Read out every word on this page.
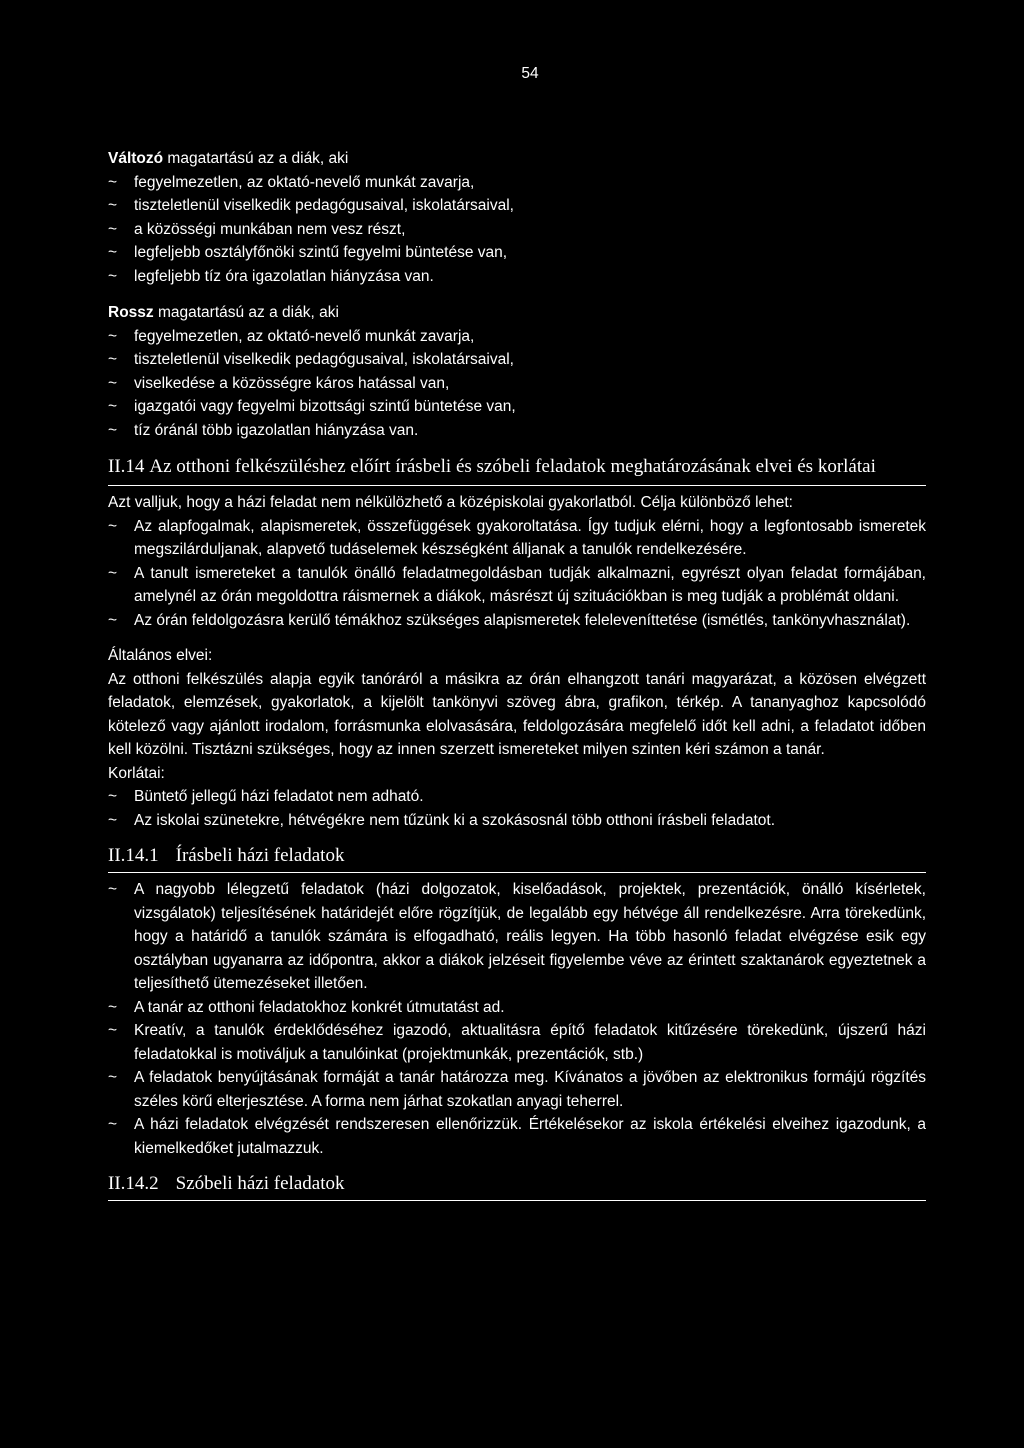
54

Változó magatartású az a diák, aki

~ fegyelmezetlen, az oktató-nevelő munkát zavarja,
~ tiszteletlenül viselkedik pedagógusaival, iskolatársaival,
~ a közösségi munkában nem vesz részt,
~ legfeljebb osztályfőnöki szintű fegyelmi büntetése van,
~ legfeljebb tíz óra igazolatlan hiányzása van.

Rossz magatartású az a diák, aki

~ fegyelmezetlen, az oktató-nevelő munkát zavarja,
~ tiszteletlenül viselkedik pedagógusaival, iskolatársaival,
~ viselkedése a közösségre káros hatással van,
~ igazgatói vagy fegyelmi bizottsági szintű büntetése van,
~ tíz óránál több igazolatlan hiányzása van.
II.14 Az otthoni felkészüléshez előírt írásbeli és szóbeli feladatok meghatározásának elvei és korlátai

Azt valljuk, hogy a házi feladat nem nélkülözhető a középiskolai gyakorlatból. Célja különböző lehet:

~ Az alapfogalmak, alapismeretek, összefüggések gyakoroltatása. Így tudjuk elérni, hogy a legfontosabb ismeretek megszilárduljanak, alapvető tudáselemek készségként álljanak a tanulók rendelkezésére.
~ A tanult ismereteket a tanulók önálló feladatmegoldásban tudják alkalmazni, egyrészt olyan feladat formájában, amelynél az órán megoldottra ráismernek a diákok, másrészt új szituációkban is meg tudják a problémát oldani.
~ Az órán feldolgozásra kerülő témákhoz szükséges alapismeretek feleleveníttetése (ismétlés, tankönyvhasználat).

Általános elvei:

Az otthoni felkészülés alapja egyik tanóráról a másikra az órán elhangzott tanári magyarázat, a közösen elvégzett feladatok, elemzések, gyakorlatok, a kijelölt tankönyvi szöveg ábra, grafikon, térkép. A tananyaghoz kapcsolódó kötelező vagy ajánlott irodalom, forrásmunka elolvasására, feldolgozására megfelelő időt kell adni, a feladatot időben kell közölni. Tisztázni szükséges, hogy az innen szerzett ismereteket milyen szinten kéri számon a tanár.

Korlátai:

~ Büntető jellegű házi feladatot nem adható.
~ Az iskolai szünetekre, hétvégékre nem tűzünk ki a szokásosnál több otthoni írásbeli feladatot.
II.14.1 Írásbeli házi feladatok
~ A nagyobb lélegzetű feladatok (házi dolgozatok, kiselőadások, projektek, prezentációk, önálló kísérletek, vizsgálatok) teljesítésének határidejét előre rögzítjük, de legalább egy hétvége áll rendelkezésre. Arra törekedünk, hogy a határidő a tanulók számára is elfogadható, reális legyen. Ha több hasonló feladat elvégzése esik egy osztályban ugyanarra az időpontra, akkor a diákok jelzéseit figyelembe véve az érintett szaktanárok egyeztetnek a teljesíthető ütemezéseket illetően.
~ A tanár az otthoni feladatokhoz konkrét útmutatást ad.
~ Kreatív, a tanulók érdeklődéséhez igazodó, aktualitásra építő feladatok kitűzésére törekedünk, újszerű házi feladatokkal is motiváljuk a tanulóinkat (projektmunkák, prezentációk, stb.)
~ A feladatok benyújtásának formáját a tanár határozza meg. Kívánatos a jövőben az elektronikus formájú rögzítés széles körű elterjesztése. A forma nem járhat szokatlan anyagi teherrel.
~ A házi feladatok elvégzését rendszeresen ellenőrizzük. Értékelésekor az iskola értékelési elveihez igazodunk, a kiemelkedőket jutalmazzuk.
II.14.2 Szóbeli házi feladatok
